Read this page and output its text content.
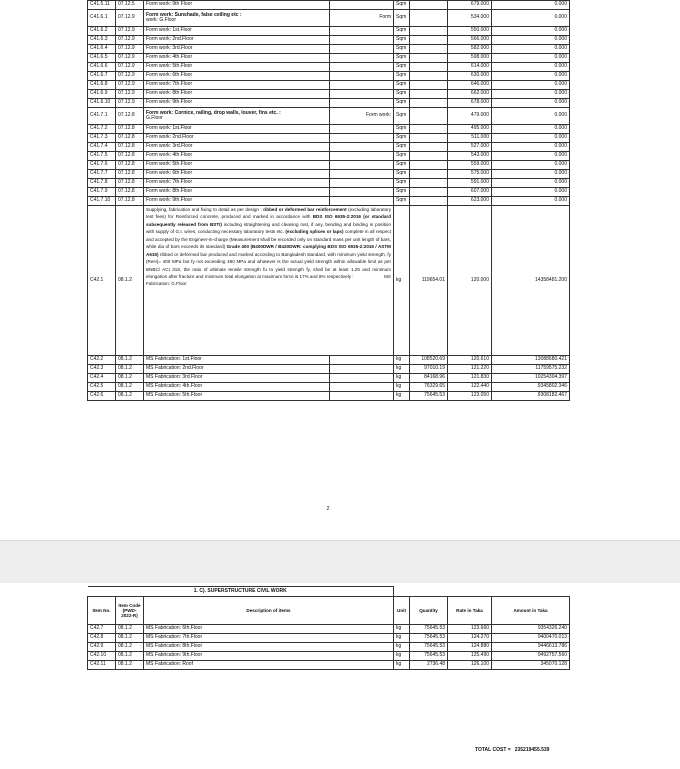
C41.5.11	07.12.5	Form work: 9th Floor		Sqm		679.000	0.000
C41.6.1	07.12.9	Form work: Sunshade, false ceiling etc :
work: G.Floor	Form	Sqm		534.000	0.000
C41.6.2	07.12.9	Form work: 1st.Floor		Sqm		550.000	0.000
C41.6.3	07.12.9	Form work: 2nd.Floor		Sqm		566.000	0.000
C41.6.4	07.12.9	Form work: 3rd.Floor		Sqm		582.000	0.000
C41.6.5	07.12.9	Form work: 4th.Floor		Sqm		598.000	0.000
C41.6.6	07.12.9	Form work: 5th.Floor		Sqm		614.000	0.000
C41.6.7	07.12.9	Form work: 6th.Floor		Sqm		630.000	0.000
C41.6.8	07.12.9	Form work: 7th.Floor		Sqm		646.000	0.000
C41.6.9	07.12.9	Form work: 8th.Floor		Sqm		662.000	0.000
C41.6.10	07.12.9	Form work: 9th.Floor		Sqm		678.000	0.000
C41.7.1	07.12.8	Form work: Cornice, railing, drop walls, louver, fins etc. :
G.Floor	Form work:	Sqm		479.000	0.000
C41.7.2	07.12.8	Form work: 1st.Floor		Sqm		495.000	0.000
C41.7.3	07.12.8	Form work: 2nd.Floor		Sqm		511.000	0.000
C41.7.4	07.12.8	Form work: 3rd.Floor		Sqm		527.000	0.000
C41.7.5	07.12.8	Form work: 4th.Floor		Sqm		543.000	0.000
C41.7.6	07.12.8	Form work: 5th.Floor		Sqm		559.000	0.000
C41.7.7	07.12.8	Form work: 6th.Floor		Sqm		575.000	0.000
C41.7.8	07.12.8	Form work: 7th.Floor		Sqm		591.000	0.000
C41.7.9	07.12.8	Form work: 8th.Floor		Sqm		607.000	0.000
C41.7.10	07.12.8	Form work: 9th.Floor		Sqm		623.000	0.000
C42.1	08.1.2	Supplying, fabrication and fixing to detail as per design : ribbed or deformed bar reinforcement (excluding laboratory test fees) for Reinforced concrete, produced and marked in accordance with BDS ISO 6935-2:2016 (or standard subsequently released from BSTI) including straightening and cleaning rust, if any, bending and binding in position with supply of G.I. wires, conducting necessary laboratory tests etc. (excluding splices or laps) complete in all respect and accepted by the Engineer-in-charge (Measurement shall be recorded only on standard mass per unit length of bars, while dia of bars exceeds its standard) Grade 400 (B400DWR / B420DWR: complying BDS ISO 6935-2:2016 / ASTM A615) ribbed or deformed bar produced and marked according to Bangladesh standard, with minimum yield strength, fy (ReH)= 400 MPa but fy not exceeding 480 MPa and whatever is the actual yield strength within allowable limit as per BNBC/ ACI 318, the ratio of ultimate tensile strength fu to yield strength fy, shall be at least 1.25 and minimum elongation after fracture and minimum total elongation at maximum force is 17% and 8% respectively : MS

Fabrication: G.Floor		kg	119654.01	120.000	14358481.200
C42.2	08.1.2	MS Fabrication: 1st.Floor		kg	108520.69	120.610	13088680.421
C42.3	08.1.2	MS Fabrication: 2nd.Floor		kg	97010.19	121.220	11759575.232
C42.4	08.1.2	MS Fabrication: 3rd.Floor		kg	84168.96	121.830	10254304.397
C42.5	08.1.2	MS Fabrication: 4th.Floor		kg	76329.65	122.440	9345802.346
C42.6	08.1.2	MS Fabrication: 5th.Floor		kg	75645.53	123.050	9308182.467
2
1. C). SUPERSTRUCTURE CIVIL WORK						
Item No.	Item Code (PWD-2022-R)	Description of items	Unit	Quantity	Rate in Taka	Amount in Taka
C42.7	08.1.2	MS Fabrication: 6th.Floor	kg	75645.53	123.660	9354326.240
C42.8	08.1.2	MS Fabrication: 7th.Floor	kg	75645.53	124.270	9400470.013
C42.9	08.1.2	MS Fabrication: 8th.Floor	kg	75645.53	124.880	9446613.786
C42.10	08.1.2	MS Fabrication: 9th.Floor	kg	75645.53	125.490	9492757.560
C42.11	08.1.2	MS Fabrication: Roof	kg	2736.48	126.100	345070.128
TOTAL COST = 235219455.539
